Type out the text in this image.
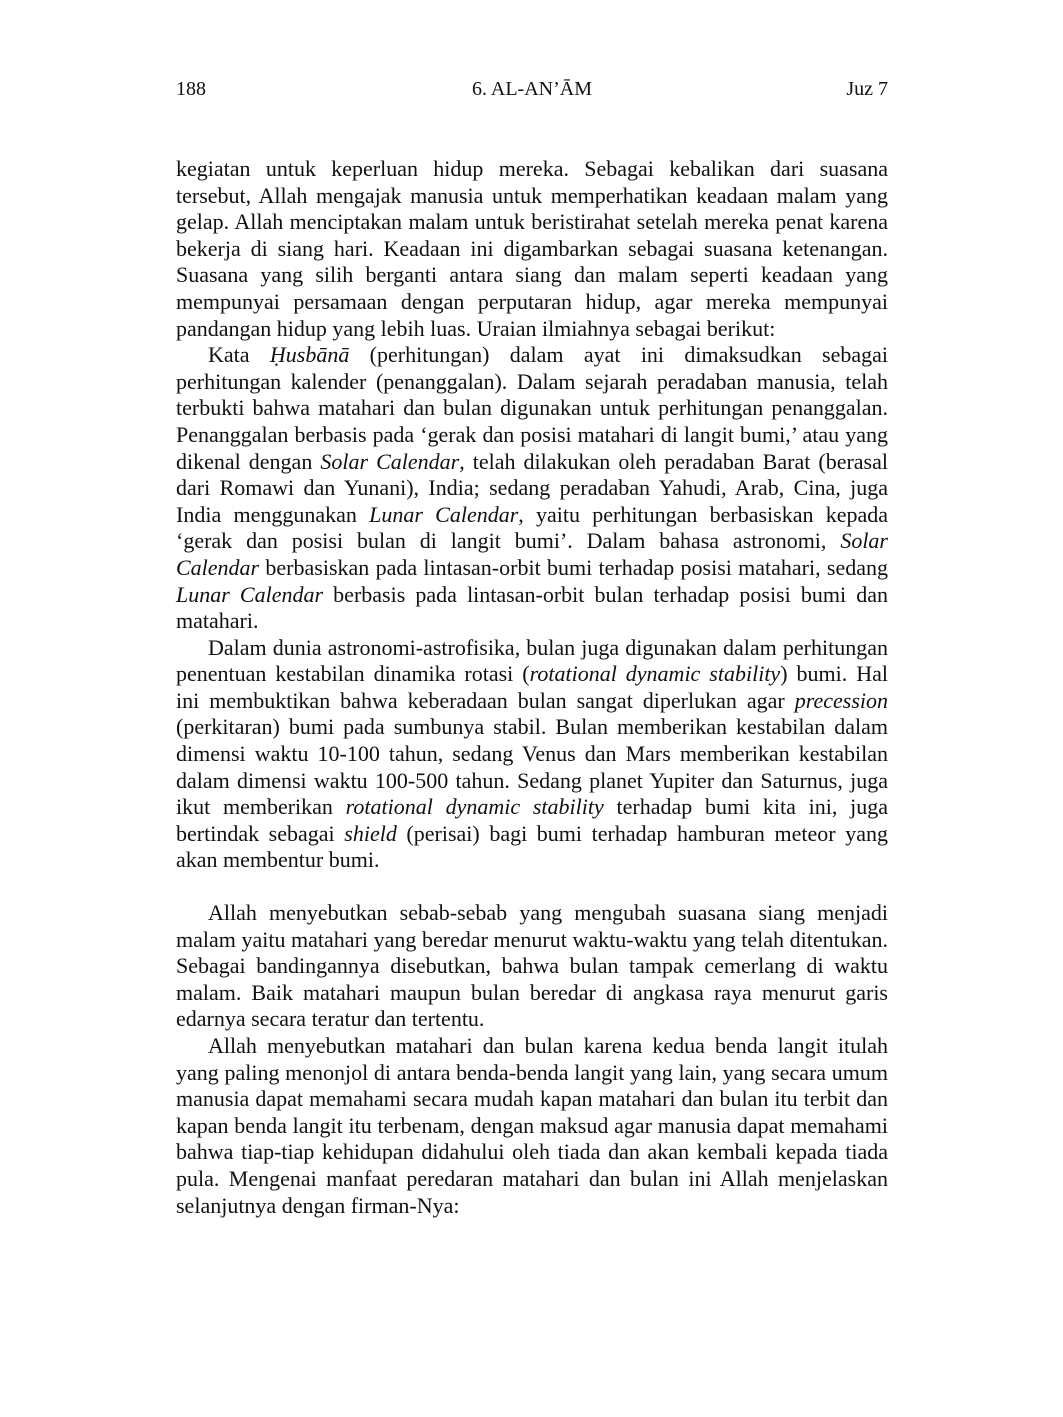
188	6. AL-AN’ĀM	Juz 7

kegiatan untuk keperluan hidup mereka. Sebagai kebalikan dari suasana tersebut, Allah mengajak manusia untuk memperhatikan keadaan malam yang gelap. Allah menciptakan malam untuk beristirahat setelah mereka penat karena bekerja di siang hari. Keadaan ini digambarkan sebagai suasana ketenangan. Suasana yang silih berganti antara siang dan malam seperti keadaan yang mempunyai persamaan dengan perputaran hidup, agar mereka mempunyai pandangan hidup yang lebih luas. Uraian ilmiahnya sebagai berikut:

Kata Ḥusbānā (perhitungan) dalam ayat ini dimaksudkan sebagai perhitungan kalender (penanggalan). Dalam sejarah peradaban manusia, telah terbukti bahwa matahari dan bulan digunakan untuk perhitungan penanggalan. Penanggalan berbasis pada ‘gerak dan posisi matahari di langit bumi,’ atau yang dikenal dengan Solar Calendar, telah dilakukan oleh peradaban Barat (berasal dari Romawi dan Yunani), India; sedang peradaban Yahudi, Arab, Cina, juga India menggunakan Lunar Calendar, yaitu perhitungan berbasiskan kepada ‘gerak dan posisi bulan di langit bumi’. Dalam bahasa astronomi, Solar Calendar berbasiskan pada lintasan-orbit bumi terhadap posisi matahari, sedang Lunar Calendar berbasis pada lintasan-orbit bulan terhadap posisi bumi dan matahari.

Dalam dunia astronomi-astrofisika, bulan juga digunakan dalam perhitungan penentuan kestabilan dinamika rotasi (rotational dynamic stability) bumi. Hal ini membuktikan bahwa keberadaan bulan sangat diperlukan agar precession (perkitaran) bumi pada sumbunya stabil. Bulan memberikan kestabilan dalam dimensi waktu 10-100 tahun, sedang Venus dan Mars memberikan kestabilan dalam dimensi waktu 100-500 tahun. Sedang planet Yupiter dan Saturnus, juga ikut memberikan rotational dynamic stability terhadap bumi kita ini, juga bertindak sebagai shield (perisai) bagi bumi terhadap hamburan meteor yang akan membentur bumi.

Allah menyebutkan sebab-sebab yang mengubah suasana siang menjadi malam yaitu matahari yang beredar menurut waktu-waktu yang telah ditentukan. Sebagai bandingannya disebutkan, bahwa bulan tampak cemerlang di waktu malam. Baik matahari maupun bulan beredar di angkasa raya menurut garis edarnya secara teratur dan tertentu.

Allah menyebutkan matahari dan bulan karena kedua benda langit itulah yang paling menonjol di antara benda-benda langit yang lain, yang secara umum manusia dapat memahami secara mudah kapan matahari dan bulan itu terbit dan kapan benda langit itu terbenam, dengan maksud agar manusia dapat memahami bahwa tiap-tiap kehidupan didahului oleh tiada dan akan kembali kepada tiada pula. Mengenai manfaat peredaran matahari dan bulan ini Allah menjelaskan selanjutnya dengan firman-Nya:
